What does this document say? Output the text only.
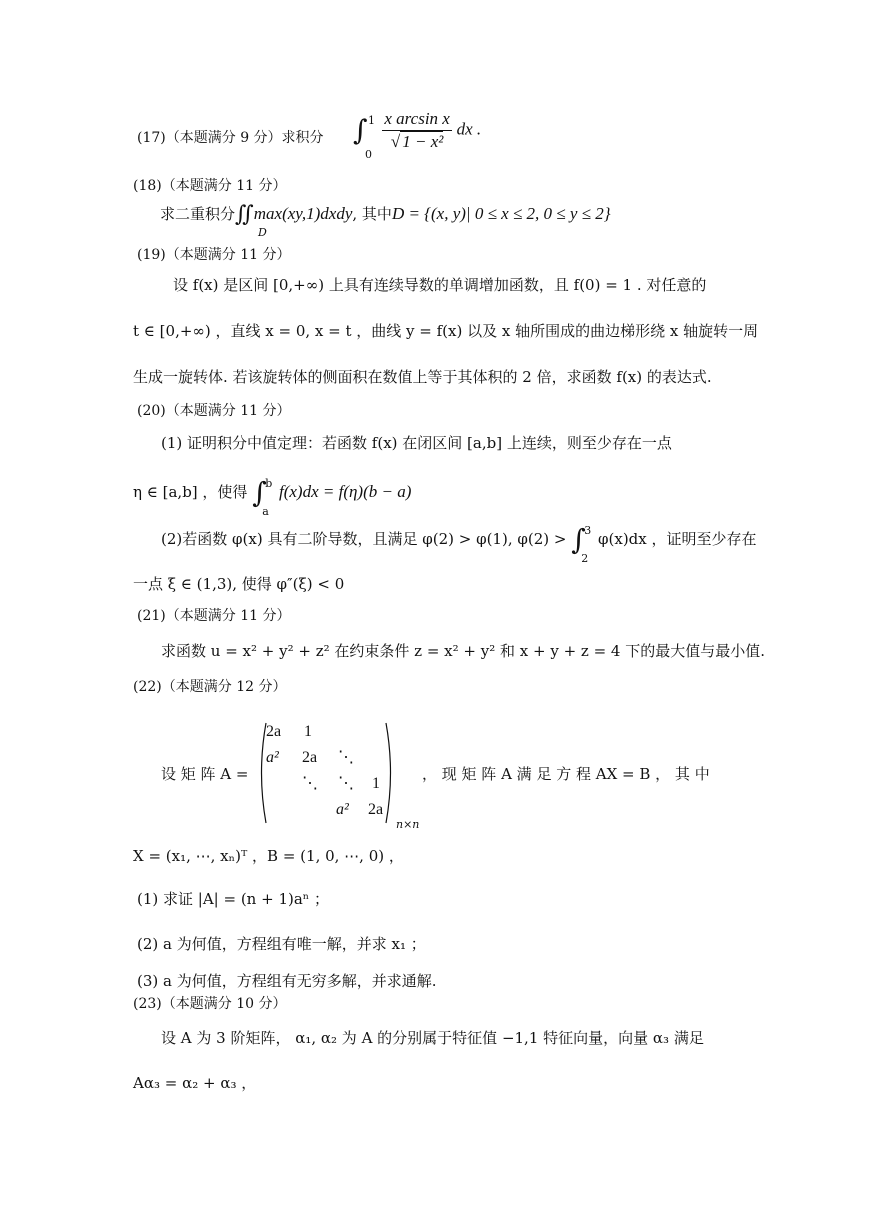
(17)（本题满分 9 分）求积分 ∫ 1
0
$\frac{\text{x arcsin x}}{\text{√ 1 − x²}}$ dx .
(18)（本题满分 11 分）
求二重积分∬max(xy,1)dxdy, 其中D = {(x, y)| 0 ≤ x ≤ 2, 0 ≤ y ≤ 2}
D
(19)（本题满分 11 分）
设 f(x) 是区间 [0,+∞) 上具有连续导数的单调增加函数，且 f(0) = 1 . 对任意的
t ∈ [0,+∞) ，直线 x = 0, x = t ，曲线 y = f(x) 以及 x 轴所围成的曲边梯形绕 x 轴旋转一周
生成一旋转体. 若该旋转体的侧面积在数值上等于其体积的 2 倍，求函数 f(x) 的表达式.
(20)（本题满分 11 分）
(1) 证明积分中值定理：若函数 f(x) 在闭区间 [a,b] 上连续，则至少存在一点
η ∈ [a,b] ，使得 ∫
b
a
f(x)dx = f(η)(b − a)
(2)若函数 φ(x) 具有二阶导数，且满足 φ(2) > φ(1), φ(2) > ∫
3
2
φ(x)dx ，证明至少存在
一点 ξ ∈ (1,3), 使得 φ″(ξ) < 0
(21)（本题满分 11 分）
求函数 u = x² + y² + z² 在约束条件 z = x² + y² 和 x + y + z = 4 下的最大值与最小值.
(22)（本题满分 12 分）
设 矩 阵 A =
2a 1
a² 2a ⋱
⋱ ⋱ 1
a² 2a
n×n
， 现 矩 阵 A 满 足 方 程 AX = B ， 其 中
X = (x₁, ⋯, xₙ)ᵀ ，B = (1, 0, ⋯, 0) ，
(1) 求证 |A| = (n + 1)aⁿ ；
(2) a 为何值，方程组有唯一解，并求 x₁ ；
(3) a 为何值，方程组有无穷多解，并求通解.
(23)（本题满分 10 分）
设 A 为 3 阶矩阵， α₁, α₂ 为 A 的分别属于特征值 −1,1 特征向量，向量 α₃ 满足
Aα₃ = α₂ + α₃ ，
